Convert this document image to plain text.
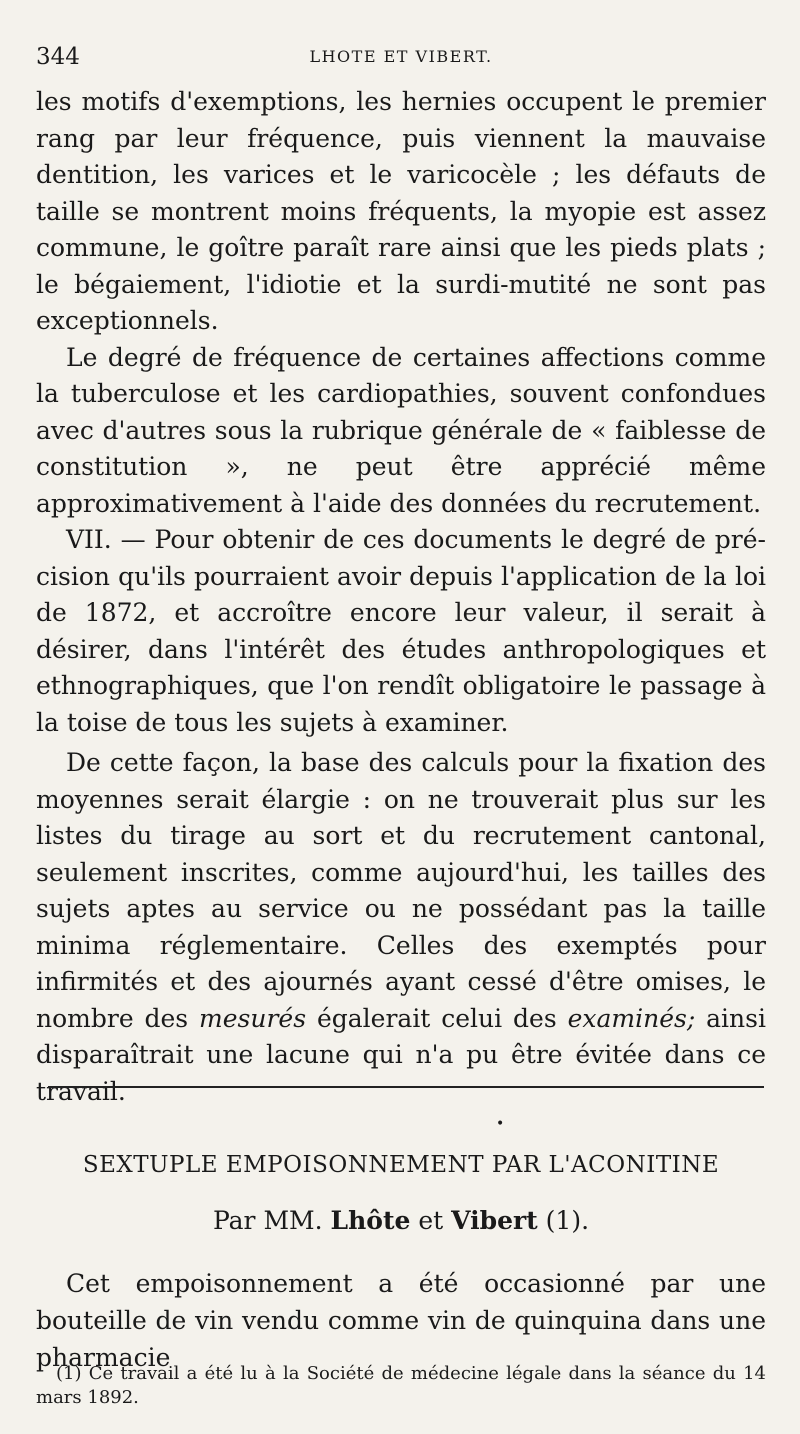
344	LHOTE ET VIBERT.

les motifs d'exemptions, les hernies occupent le premier rang par leur fréquence, puis viennent la mauvaise dentition, les varices et le varicocèle ; les défauts de taille se montrent moins fréquents, la myopie est assez commune, le goître paraît rare ainsi que les pieds plats ; le bégaiement, l'idiotie et la surdi-mutité ne sont pas exceptionnels.

Le degré de fréquence de certaines affections comme la tuberculose et les cardiopathies, souvent confondues avec d'autres sous la rubrique générale de « faiblesse de constitution », ne peut être apprécié même approximativement à l'aide des données du recrutement.

VII. — Pour obtenir de ces documents le degré de précision qu'ils pourraient avoir depuis l'application de la loi de 1872, et accroître encore leur valeur, il serait à désirer, dans l'intérêt des études anthropologiques et ethnographiques, que l'on rendît obligatoire le passage à la toise de tous les sujets à examiner.

De cette façon, la base des calculs pour la fixation des moyennes serait élargie : on ne trouverait plus sur les listes du tirage au sort et du recrutement cantonal, seulement inscrites, comme aujourd'hui, les tailles des sujets aptes au service ou ne possédant pas la taille minima réglementaire. Celles des exemptés pour infirmités et des ajournés ayant cessé d'être omises, le nombre des mesurés égalerait celui des examinés; ainsi disparaîtrait une lacune qui n'a pu être évitée dans ce travail.

•
SEXTUPLE EMPOISONNEMENT PAR L'ACONITINE
Par MM. Lhôte et Vibert (1).

Cet empoisonnement a été occasionné par une bouteille de vin vendu comme vin de quinquina dans une pharmacie

(1) Ce travail a été lu à la Société de médecine légale dans la séance du 14 mars 1892.
